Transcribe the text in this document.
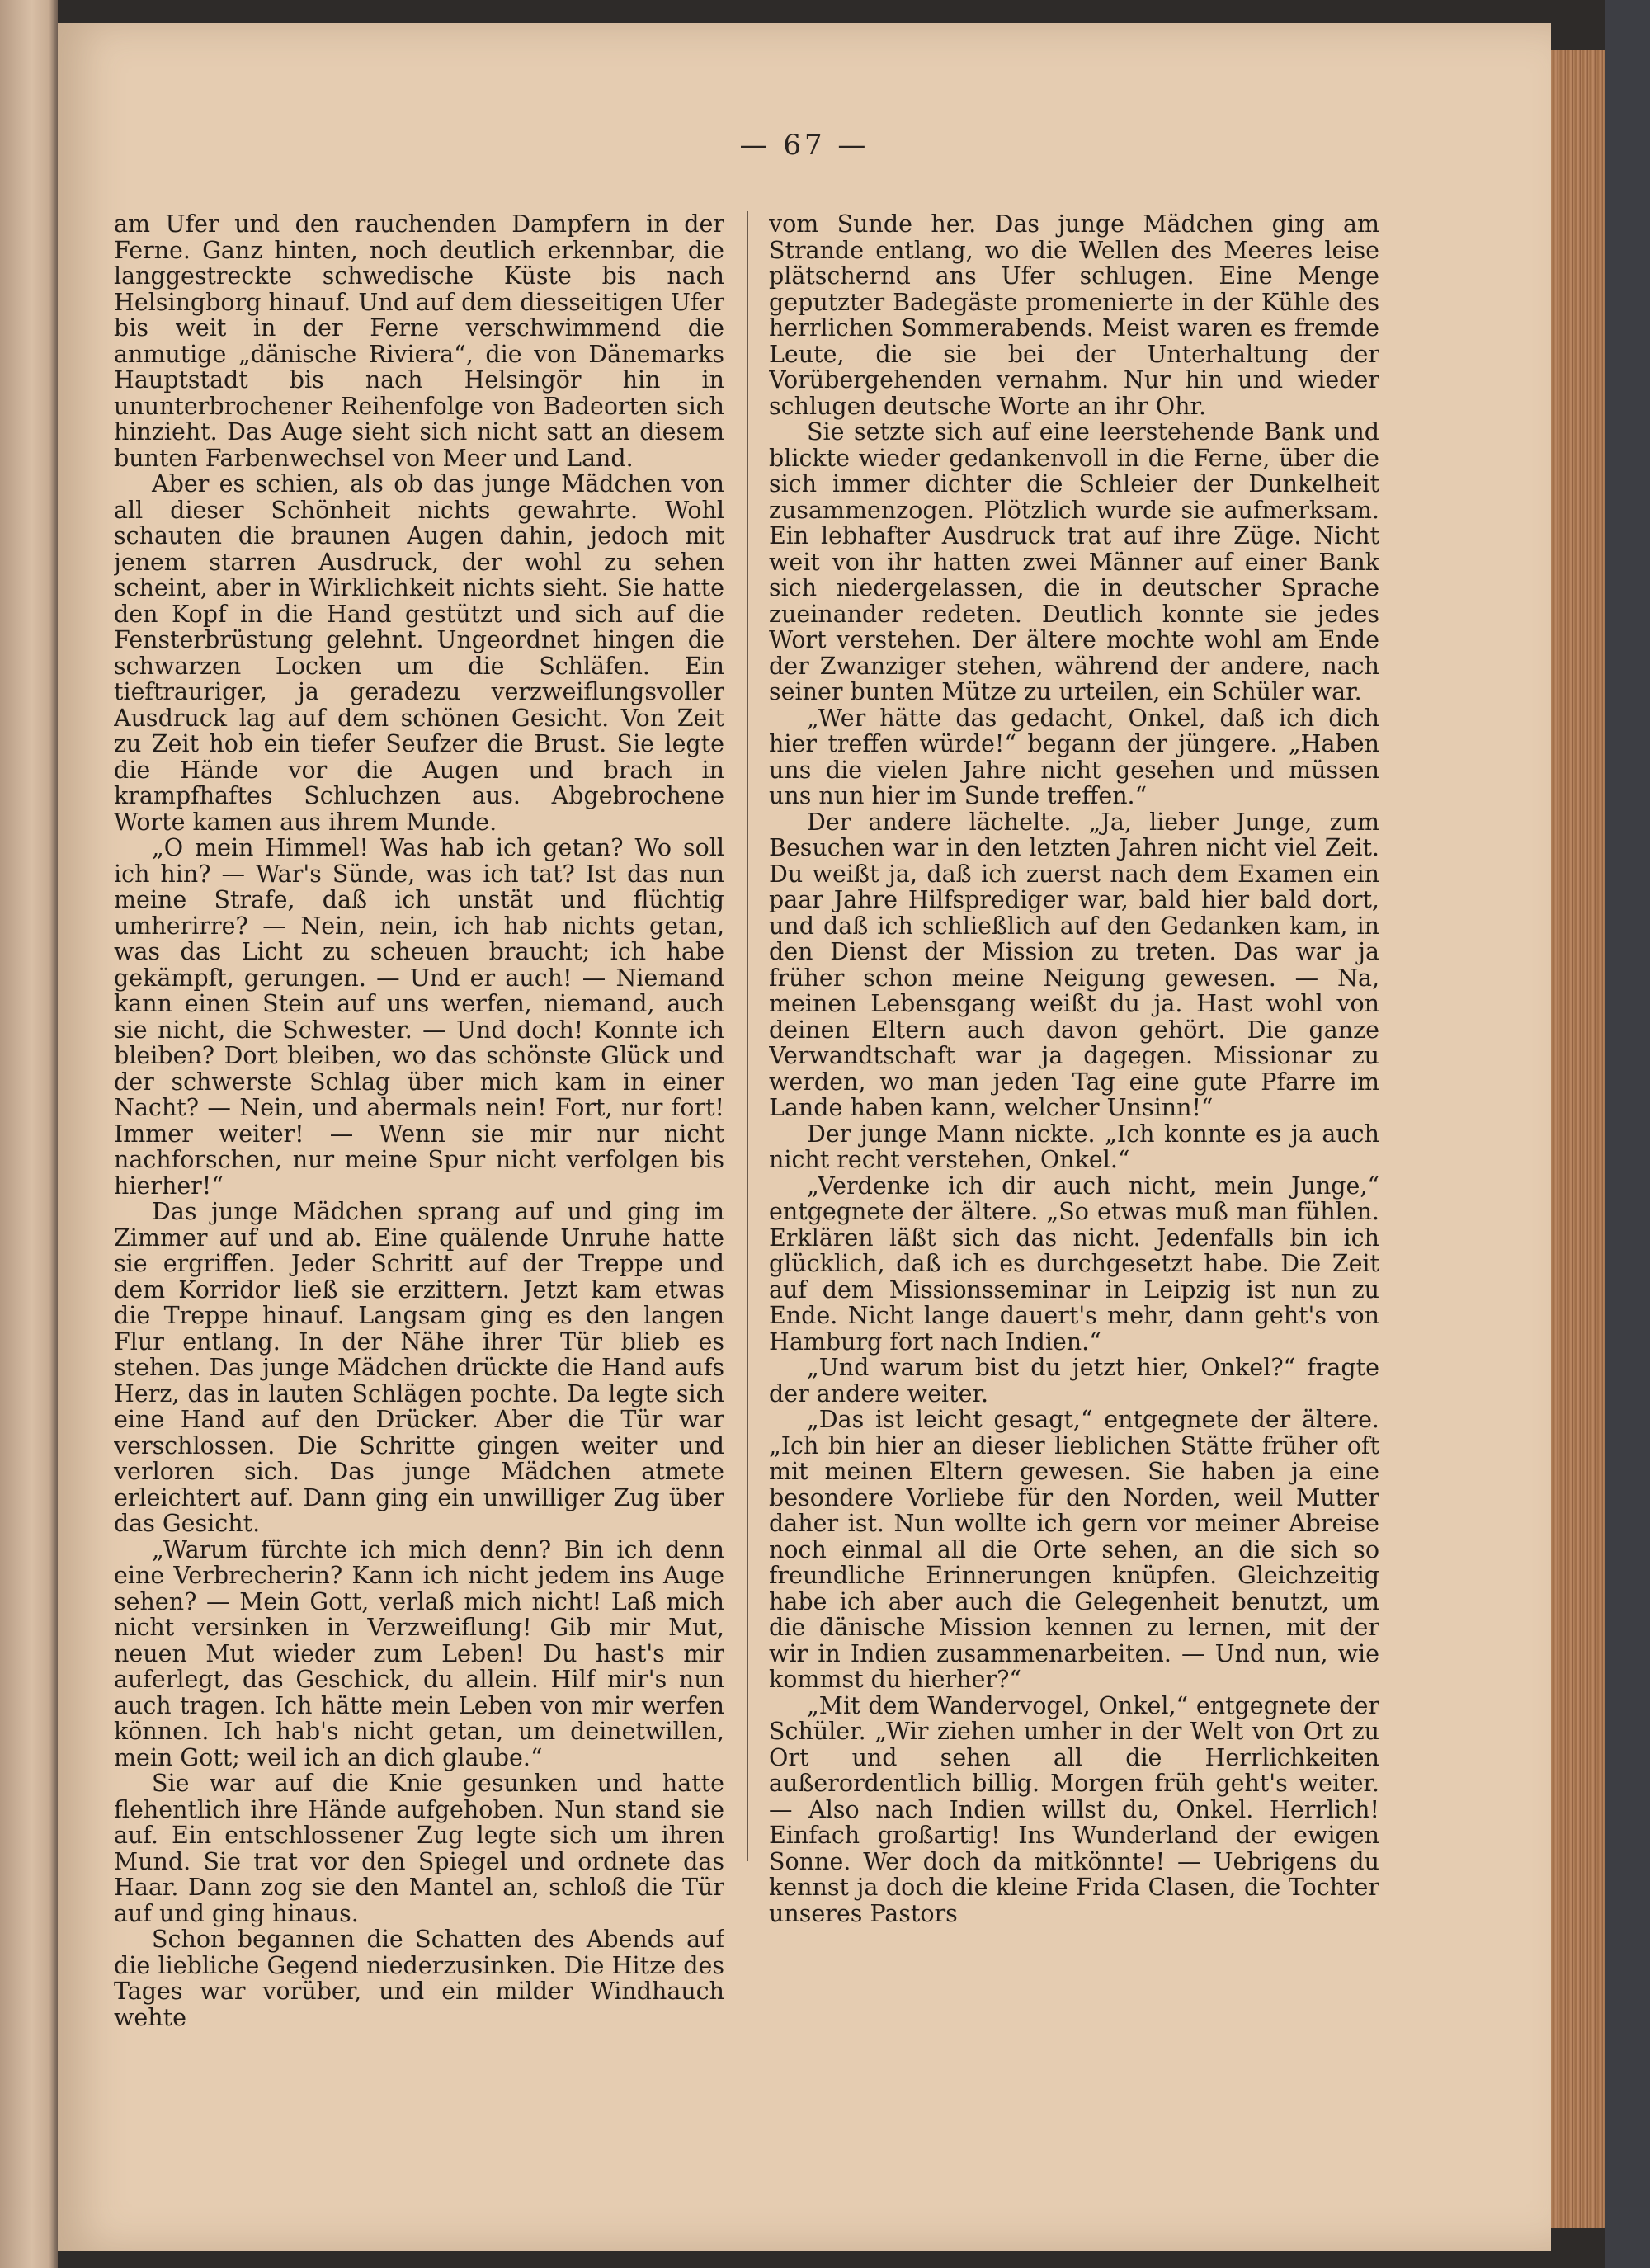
— 67 —

am Ufer und den rauchenden Dampfern in der Ferne. Ganz hinten, noch deutlich erkennbar, die langgestreckte schwedische Küste bis nach Helsingborg hinauf. Und auf dem diesseitigen Ufer bis weit in der Ferne verschwimmend die anmutige „dänische Riviera“, die von Dänemarks Hauptstadt bis nach Helsingör hin in ununterbrochener Reihenfolge von Badeorten sich hinzieht. Das Auge sieht sich nicht satt an diesem bunten Farbenwechsel von Meer und Land.

Aber es schien, als ob das junge Mädchen von all dieser Schönheit nichts gewahrte. Wohl schauten die braunen Augen dahin, jedoch mit jenem starren Ausdruck, der wohl zu sehen scheint, aber in Wirklichkeit nichts sieht. Sie hatte den Kopf in die Hand gestützt und sich auf die Fensterbrüstung gelehnt. Ungeordnet hingen die schwarzen Locken um die Schläfen. Ein tieftrauriger, ja geradezu verzweiflungsvoller Ausdruck lag auf dem schönen Gesicht. Von Zeit zu Zeit hob ein tiefer Seufzer die Brust. Sie legte die Hände vor die Augen und brach in krampfhaftes Schluchzen aus. Abgebrochene Worte kamen aus ihrem Munde.

„O mein Himmel! Was hab ich getan? Wo soll ich hin? — War's Sünde, was ich tat? Ist das nun meine Strafe, daß ich unstät und flüchtig umherirre? — Nein, nein, ich hab nichts getan, was das Licht zu scheuen braucht; ich habe gekämpft, gerungen. — Und er auch! — Niemand kann einen Stein auf uns werfen, niemand, auch sie nicht, die Schwester. — Und doch! Konnte ich bleiben? Dort bleiben, wo das schönste Glück und der schwerste Schlag über mich kam in einer Nacht? — Nein, und abermals nein! Fort, nur fort! Immer weiter! — Wenn sie mir nur nicht nachforschen, nur meine Spur nicht verfolgen bis hierher!“

Das junge Mädchen sprang auf und ging im Zimmer auf und ab. Eine quälende Unruhe hatte sie ergriffen. Jeder Schritt auf der Treppe und dem Korridor ließ sie erzittern. Jetzt kam etwas die Treppe hinauf. Langsam ging es den langen Flur entlang. In der Nähe ihrer Tür blieb es stehen. Das junge Mädchen drückte die Hand aufs Herz, das in lauten Schlägen pochte. Da legte sich eine Hand auf den Drücker. Aber die Tür war verschlossen. Die Schritte gingen weiter und verloren sich. Das junge Mädchen atmete erleichtert auf. Dann ging ein unwilliger Zug über das Gesicht.

„Warum fürchte ich mich denn? Bin ich denn eine Verbrecherin? Kann ich nicht jedem ins Auge sehen? — Mein Gott, verlaß mich nicht! Laß mich nicht versinken in Verzweiflung! Gib mir Mut, neuen Mut wieder zum Leben! Du hast's mir auferlegt, das Geschick, du allein. Hilf mir's nun auch tragen. Ich hätte mein Leben von mir werfen können. Ich hab's nicht getan, um deinetwillen, mein Gott; weil ich an dich glaube.“

Sie war auf die Knie gesunken und hatte flehentlich ihre Hände aufgehoben. Nun stand sie auf. Ein entschlossener Zug legte sich um ihren Mund. Sie trat vor den Spiegel und ordnete das Haar. Dann zog sie den Mantel an, schloß die Tür auf und ging hinaus.

Schon begannen die Schatten des Abends auf die liebliche Gegend niederzusinken. Die Hitze des Tages war vorüber, und ein milder Windhauch wehte

vom Sunde her. Das junge Mädchen ging am Strande entlang, wo die Wellen des Meeres leise plätschernd ans Ufer schlugen. Eine Menge geputzter Badegäste promenierte in der Kühle des herrlichen Sommerabends. Meist waren es fremde Leute, die sie bei der Unterhaltung der Vorübergehenden vernahm. Nur hin und wieder schlugen deutsche Worte an ihr Ohr.

Sie setzte sich auf eine leerstehende Bank und blickte wieder gedankenvoll in die Ferne, über die sich immer dichter die Schleier der Dunkelheit zusammenzogen. Plötzlich wurde sie aufmerksam. Ein lebhafter Ausdruck trat auf ihre Züge. Nicht weit von ihr hatten zwei Männer auf einer Bank sich niedergelassen, die in deutscher Sprache zueinander redeten. Deutlich konnte sie jedes Wort verstehen. Der ältere mochte wohl am Ende der Zwanziger stehen, während der andere, nach seiner bunten Mütze zu urteilen, ein Schüler war.

„Wer hätte das gedacht, Onkel, daß ich dich hier treffen würde!“ begann der jüngere. „Haben uns die vielen Jahre nicht gesehen und müssen uns nun hier im Sunde treffen.“

Der andere lächelte. „Ja, lieber Junge, zum Besuchen war in den letzten Jahren nicht viel Zeit. Du weißt ja, daß ich zuerst nach dem Examen ein paar Jahre Hilfsprediger war, bald hier bald dort, und daß ich schließlich auf den Gedanken kam, in den Dienst der Mission zu treten. Das war ja früher schon meine Neigung gewesen. — Na, meinen Lebensgang weißt du ja. Hast wohl von deinen Eltern auch davon gehört. Die ganze Verwandtschaft war ja dagegen. Missionar zu werden, wo man jeden Tag eine gute Pfarre im Lande haben kann, welcher Unsinn!“

Der junge Mann nickte. „Ich konnte es ja auch nicht recht verstehen, Onkel.“

„Verdenke ich dir auch nicht, mein Junge,“ entgegnete der ältere. „So etwas muß man fühlen. Erklären läßt sich das nicht. Jedenfalls bin ich glücklich, daß ich es durchgesetzt habe. Die Zeit auf dem Missionsseminar in Leipzig ist nun zu Ende. Nicht lange dauert's mehr, dann geht's von Hamburg fort nach Indien.“

„Und warum bist du jetzt hier, Onkel?“ fragte der andere weiter.

„Das ist leicht gesagt,“ entgegnete der ältere. „Ich bin hier an dieser lieblichen Stätte früher oft mit meinen Eltern gewesen. Sie haben ja eine besondere Vorliebe für den Norden, weil Mutter daher ist. Nun wollte ich gern vor meiner Abreise noch einmal all die Orte sehen, an die sich so freundliche Erinnerungen knüpfen. Gleichzeitig habe ich aber auch die Gelegenheit benutzt, um die dänische Mission kennen zu lernen, mit der wir in Indien zusammenarbeiten. — Und nun, wie kommst du hierher?“

„Mit dem Wandervogel, Onkel,“ entgegnete der Schüler. „Wir ziehen umher in der Welt von Ort zu Ort und sehen all die Herrlichkeiten außerordentlich billig. Morgen früh geht's weiter. — Also nach Indien willst du, Onkel. Herrlich! Einfach großartig! Ins Wunderland der ewigen Sonne. Wer doch da mitkönnte! — Uebrigens du kennst ja doch die kleine Frida Clasen, die Tochter unseres Pastors
